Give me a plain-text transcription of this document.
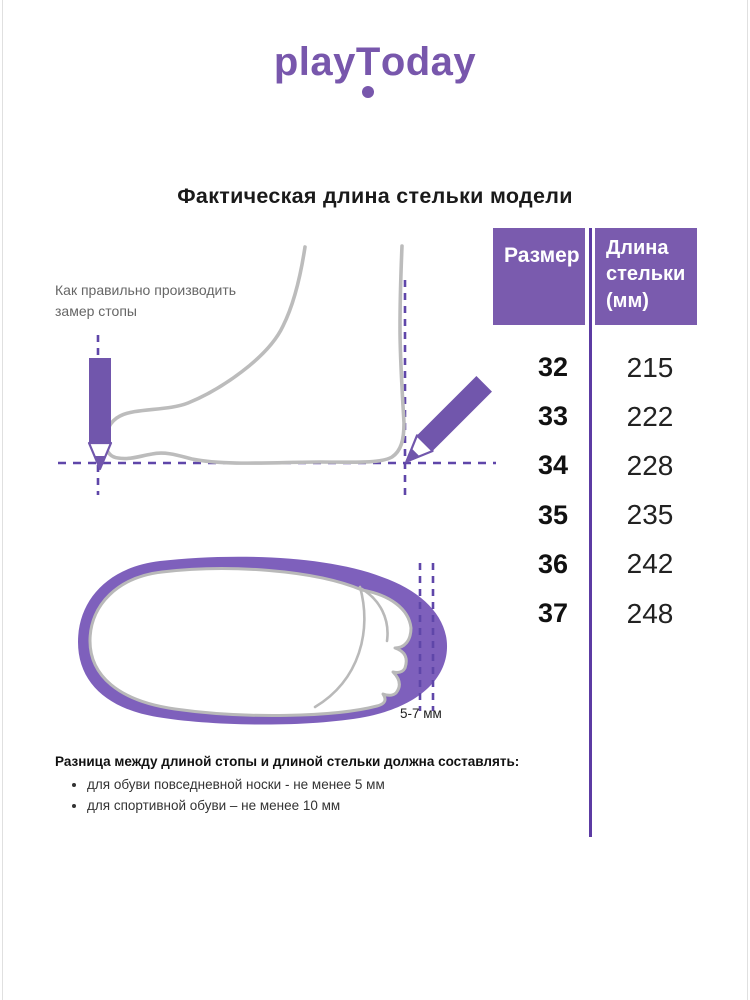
play T oday
Фактическая длина стельки модели
Как правильно производить замер стопы
5-7 мм
Размер	Длина стельки (мм)
32	215
33	222
34	228
35	235
36	242
37	248
Разница между длиной стопы и длиной стельки должна составлять:
• для обуви повседневной носки - не менее 5 мм
• для спортивной обуви – не менее 10 мм
